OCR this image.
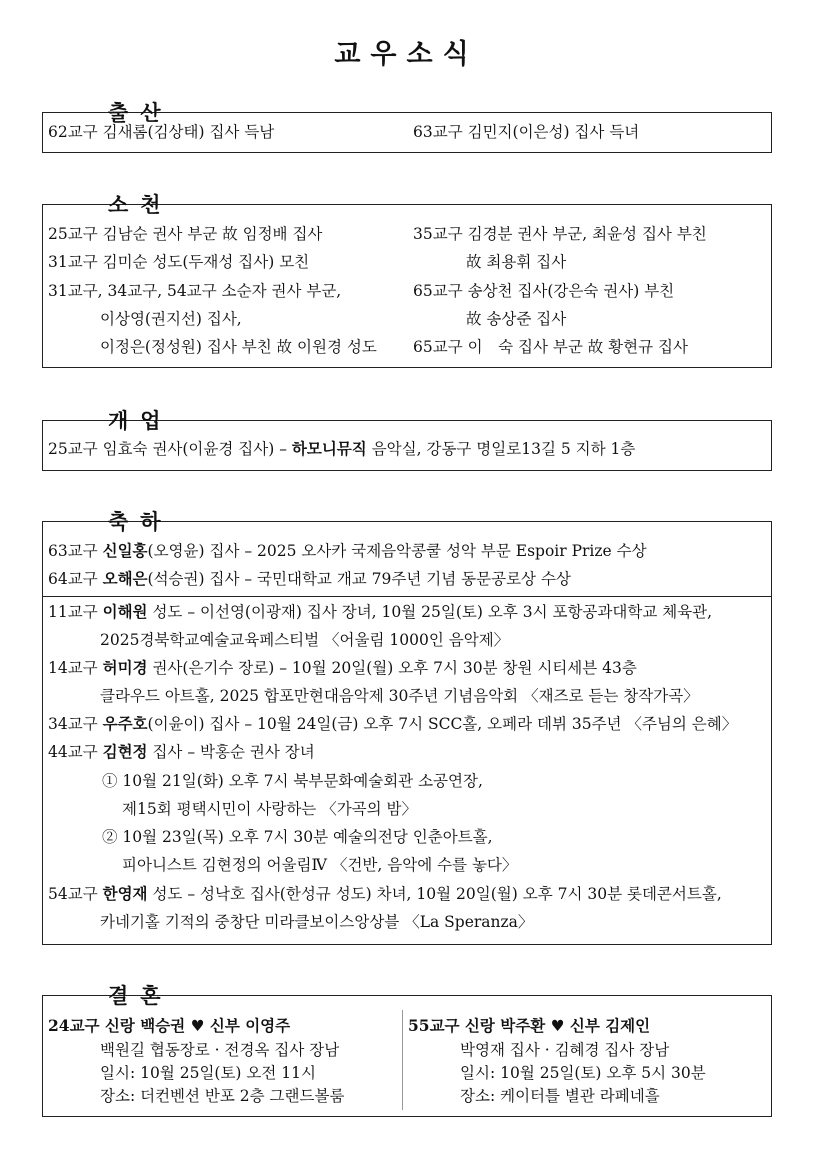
교우소식
출산
62교구 김새롬(김상태) 집사 득남	63교구 김민지(이은성) 집사 득녀
소천
25교구 김남순 권사 부군 故 임정배 집사
31교구 김미순 성도(두재성 집사) 모친
31교구, 34교구, 54교구 소순자 권사 부군,
이상영(권지선) 집사,
이정은(정성원) 집사 부친 故 이원경 성도
35교구 김경분 권사 부군, 최윤성 집사 부친
故 최용휘 집사
65교구 송상천 집사(강은숙 권사) 부친
故 송상준 집사
65교구 이　숙 집사 부군 故 황현규 집사
개업
25교구 임효숙 권사(이윤경 집사) – 하모니뮤직 음악실, 강동구 명일로13길 5 지하 1층
축하
63교구 신일홍(오영윤) 집사 – 2025 오사카 국제음악콩쿨 성악 부문 Espoir Prize 수상
64교구 오해은(석승권) 집사 – 국민대학교 개교 79주년 기념 동문공로상 수상
11교구 이해원 성도 – 이선영(이광재) 집사 장녀, 10월 25일(토) 오후 3시 포항공과대학교 체육관,
2025경북학교예술교육페스티벌 〈어울림 1000인 음악제〉
14교구 허미경 권사(은기수 장로) – 10월 20일(월) 오후 7시 30분 창원 시티세븐 43층
클라우드 아트홀, 2025 합포만현대음악제 30주년 기념음악회 〈재즈로 듣는 창작가곡〉
34교구 우주호(이윤이) 집사 – 10월 24일(금) 오후 7시 SCC홀, 오페라 데뷔 35주년 〈주님의 은혜〉
44교구 김현정 집사 – 박홍순 권사 장녀
① 10월 21일(화) 오후 7시 북부문화예술회관 소공연장,
제15회 평택시민이 사랑하는 〈가곡의 밤〉
② 10월 23일(목) 오후 7시 30분 예술의전당 인춘아트홀,
피아니스트 김현정의 어울림Ⅳ 〈건반, 음악에 수를 놓다〉
54교구 한영재 성도 – 성낙호 집사(한성규 성도) 차녀, 10월 20일(월) 오후 7시 30분 롯데콘서트홀,
카네기홀 기적의 중창단 미라클보이스앙상블 〈La Speranza〉
결혼
24교구 신랑 백승권 ♥ 신부 이영주
백원길 협동장로 · 전경옥 집사 장남
일시: 10월 25일(토) 오전 11시
장소: 더컨벤션 반포 2층 그랜드볼룸
55교구 신랑 박주환 ♥ 신부 김제인
박영재 집사 · 김혜경 집사 장남
일시: 10월 25일(토) 오후 5시 30분
장소: 케이터틀 별관 라페네흘
